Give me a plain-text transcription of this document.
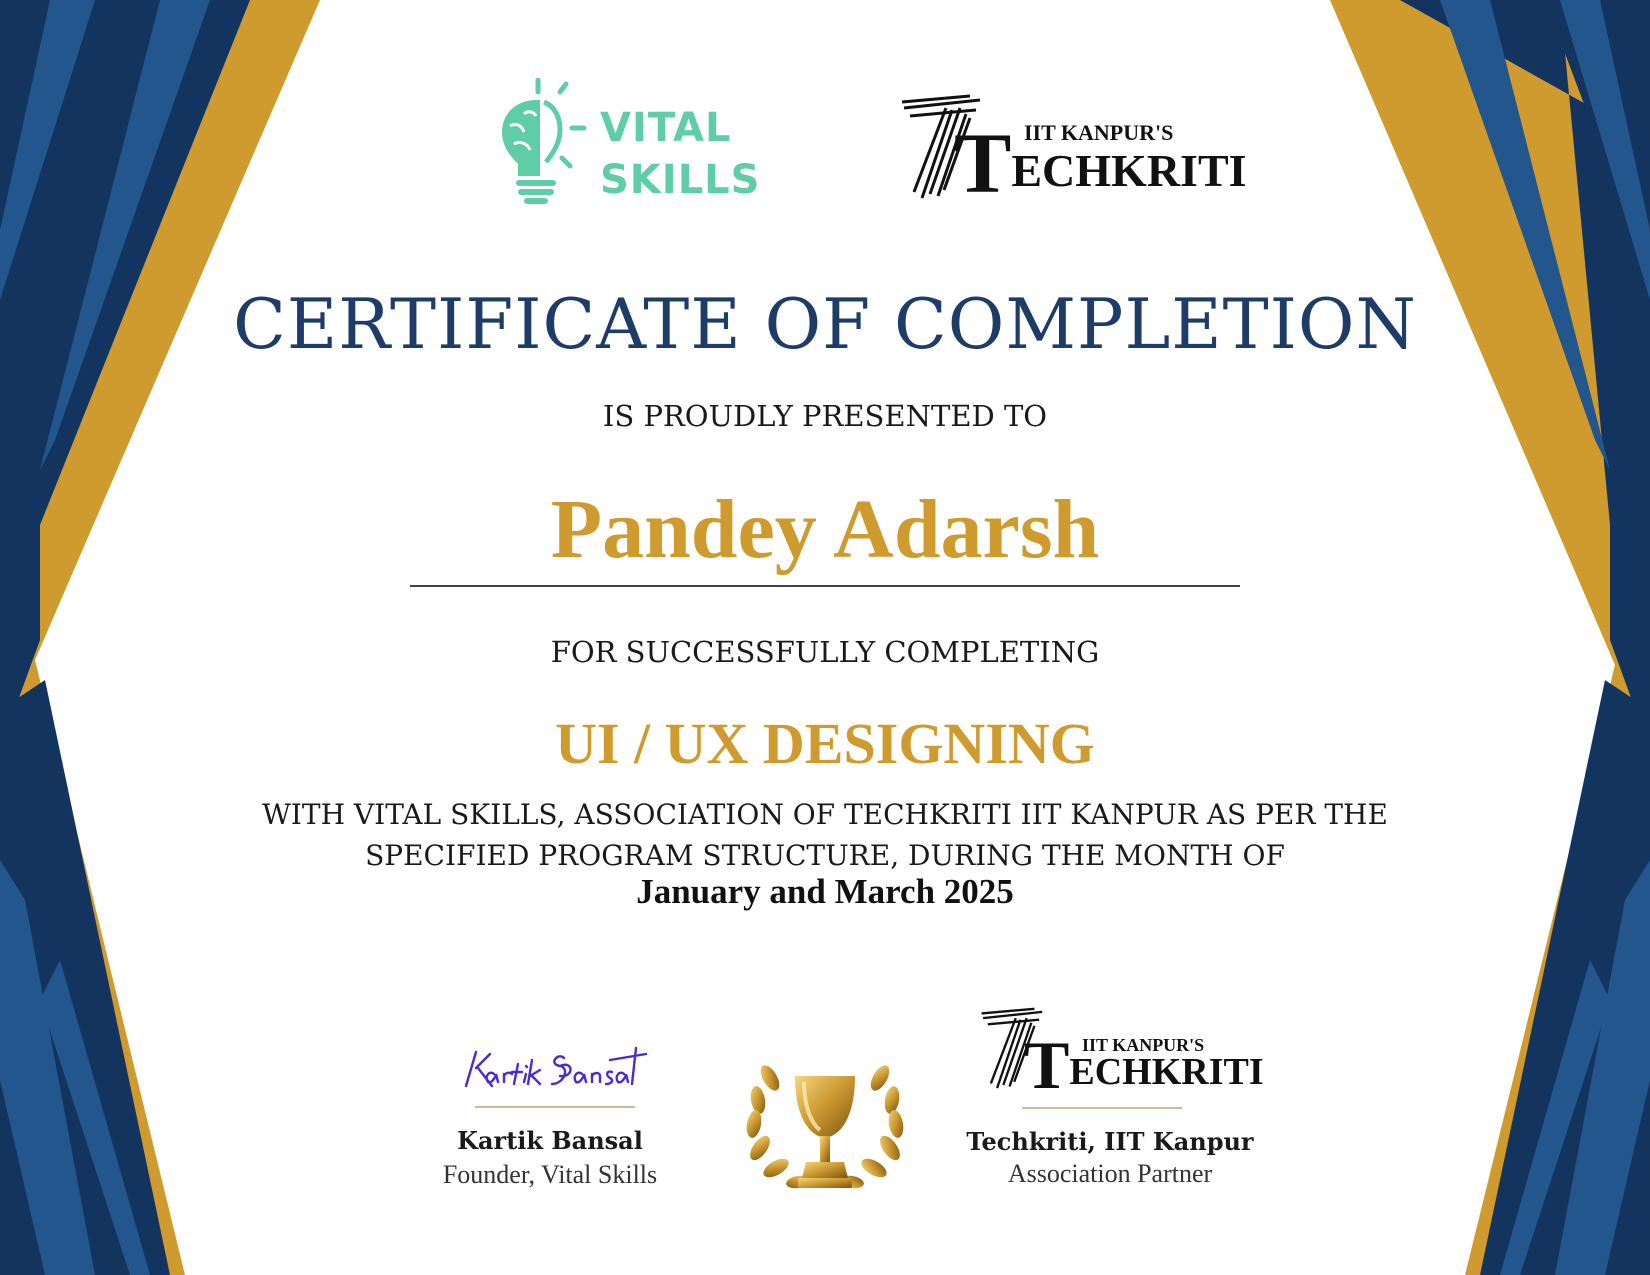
VITAL
SKILLS
IIT KANPUR'S
TECHKRITI
CERTIFICATE OF COMPLETION
IS PROUDLY PRESENTED TO
Pandey Adarsh
FOR SUCCESSFULLY COMPLETING
UI / UX DESIGNING
WITH VITAL SKILLS, ASSOCIATION OF TECHKRITI IIT KANPUR AS PER THE
SPECIFIED PROGRAM STRUCTURE, DURING THE MONTH OF
January and March 2025
Kartik Bansal
Founder, Vital Skills
IIT KANPUR'S
TECHKRITI
Techkriti, IIT Kanpur
Association Partner
